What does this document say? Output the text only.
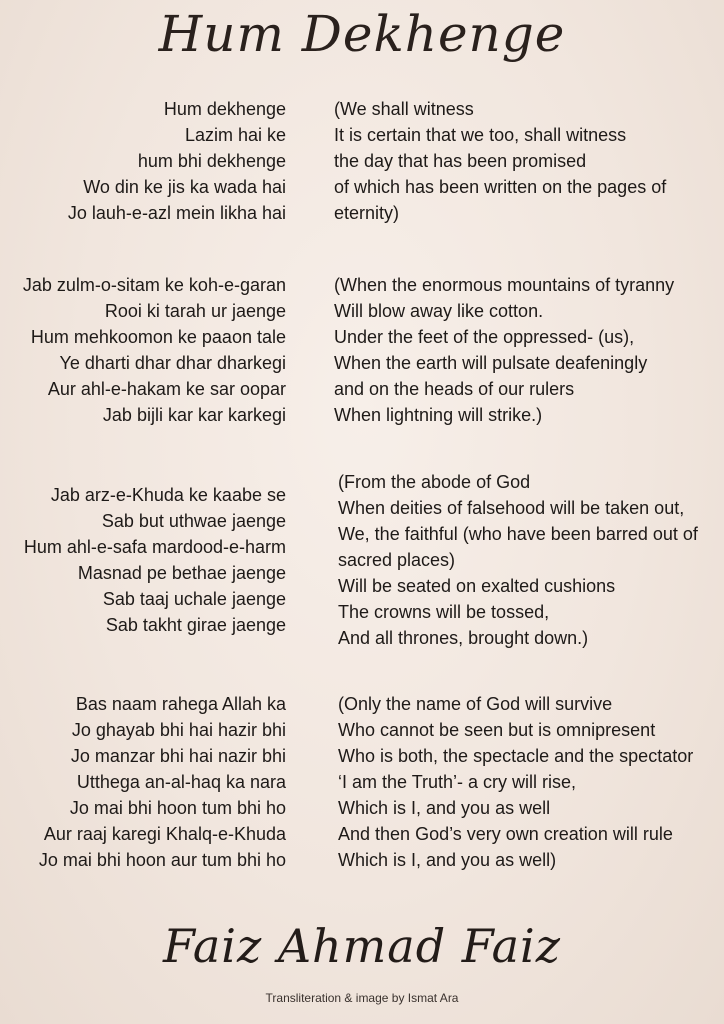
Hum Dekhenge
Hum dekhenge
Lazim hai ke
hum bhi dekhenge
Wo din ke jis ka wada hai
Jo lauh-e-azl mein likha hai
(We shall witness
It is certain that we too, shall witness
the day that has been promised
of which has been written on the pages of
eternity)
Jab zulm-o-sitam ke koh-e-garan
Rooi ki tarah ur jaenge
Hum mehkoomon ke paaon tale
Ye dharti dhar dhar dharkegi
Aur ahl-e-hakam ke sar oopar
Jab bijli kar kar karkegi
(When the enormous mountains of tyranny
Will blow away like cotton.
Under the feet of the oppressed- (us),
When the earth will pulsate deafeningly
and on the heads of our rulers
When lightning will strike.)
Jab arz-e-Khuda ke kaabe se
Sab but uthwae jaenge
Hum ahl-e-safa mardood-e-harm
Masnad pe bethae jaenge
Sab taaj uchale jaenge
Sab takht girae jaenge
(From the abode of God
When deities of falsehood will be taken out,
We, the faithful (who have been barred out of
sacred places)
Will be seated on exalted cushions
The crowns will be tossed,
And all thrones, brought down.)
Bas naam rahega Allah ka
Jo ghayab bhi hai hazir bhi
Jo manzar bhi hai nazir bhi
Utthega an-al-haq ka nara
Jo mai bhi hoon tum bhi ho
Aur raaj karegi Khalq-e-Khuda
Jo mai bhi hoon aur tum bhi ho
(Only the name of God will survive
Who cannot be seen but is omnipresent
Who is both, the spectacle and the spectator
‘I am the Truth’- a cry will rise,
Which is I, and you as well
And then God’s very own creation will rule
Which is I, and you as well)
Faiz Ahmad Faiz
Transliteration & image by Ismat Ara
